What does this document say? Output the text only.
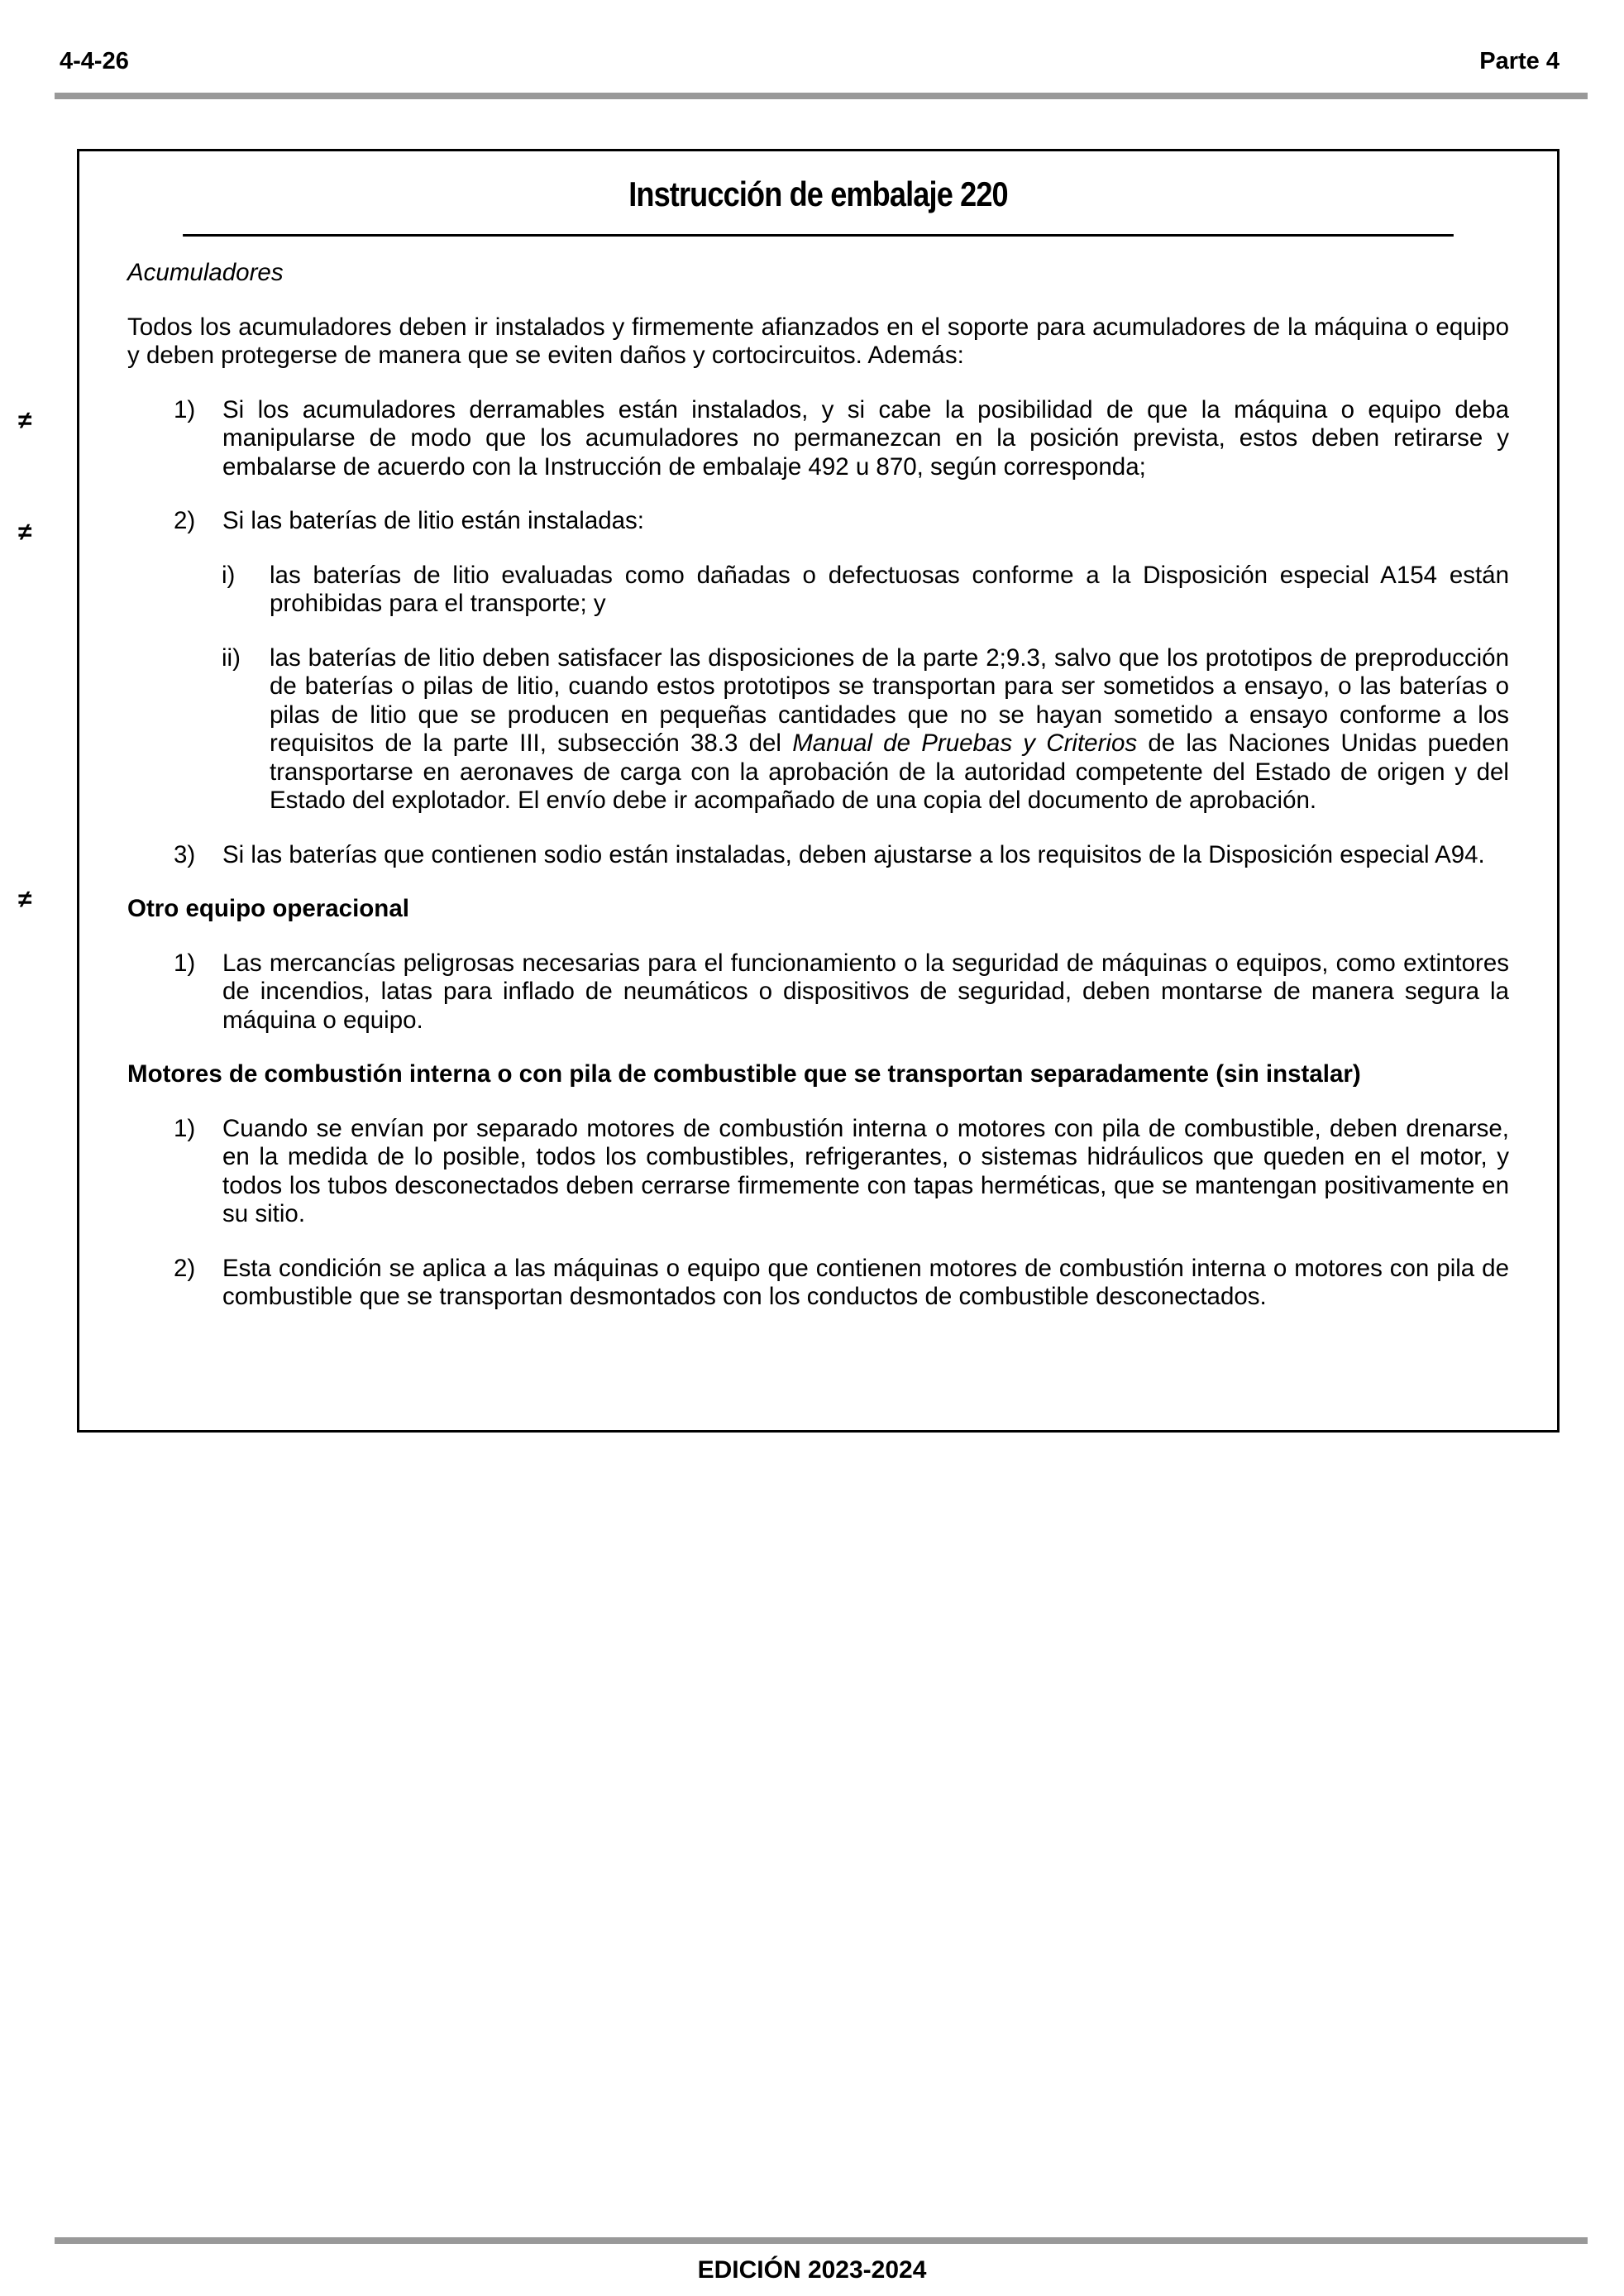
4-4-26	Parte 4
≠
≠
≠
Instrucción de embalaje 220

Acumuladores

Todos los acumuladores deben ir instalados y firmemente afianzados en el soporte para acumuladores de la máquina o equipo y deben protegerse de manera que se eviten daños y cortocircuitos. Además:

1) Si los acumuladores derramables están instalados, y si cabe la posibilidad de que la máquina o equipo deba manipularse de modo que los acumuladores no permanezcan en la posición prevista, estos deben retirarse y embalarse de acuerdo con la Instrucción de embalaje 492 u 870, según corresponda;
2) Si las baterías de litio están instaladas:
i) las baterías de litio evaluadas como dañadas o defectuosas conforme a la Disposición especial A154 están prohibidas para el transporte; y
ii) las baterías de litio deben satisfacer las disposiciones de la parte 2;9.3, salvo que los prototipos de preproducción de baterías o pilas de litio, cuando estos prototipos se transportan para ser sometidos a ensayo, o las baterías o pilas de litio que se producen en pequeñas cantidades que no se hayan sometido a ensayo conforme a los requisitos de la parte III, subsección 38.3 del Manual de Pruebas y Criterios de las Naciones Unidas pueden transportarse en aeronaves de carga con la aprobación de la autoridad competente del Estado de origen y del Estado del explotador. El envío debe ir acompañado de una copia del documento de aprobación.
3) Si las baterías que contienen sodio están instaladas, deben ajustarse a los requisitos de la Disposición especial A94.

Otro equipo operacional

1) Las mercancías peligrosas necesarias para el funcionamiento o la seguridad de máquinas o equipos, como extintores de incendios, latas para inflado de neumáticos o dispositivos de seguridad, deben montarse de manera segura la máquina o equipo.

Motores de combustión interna o con pila de combustible que se transportan separadamente (sin instalar)

1) Cuando se envían por separado motores de combustión interna o motores con pila de combustible, deben drenarse, en la medida de lo posible, todos los combustibles, refrigerantes, o sistemas hidráulicos que queden en el motor, y todos los tubos desconectados deben cerrarse firmemente con tapas herméticas, que se mantengan positivamente en su sitio.
2) Esta condición se aplica a las máquinas o equipo que contienen motores de combustión interna o motores con pila de combustible que se transportan desmontados con los conductos de combustible desconectados.
EDICIÓN 2023-2024
